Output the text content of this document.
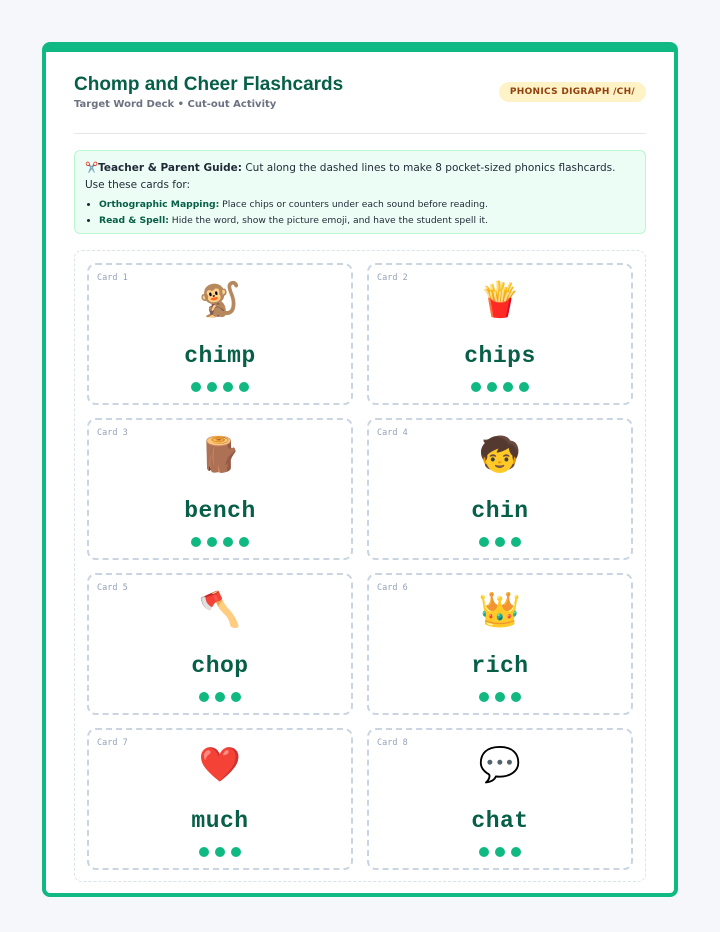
Chomp and Cheer Flashcards
Target Word Deck • Cut-out Activity
PHONICS DIGRAPH /CH/
✂️Teacher & Parent Guide: Cut along the dashed lines to make 8 pocket-sized phonics flashcards. Use these cards for:
• Orthographic Mapping: Place chips or counters under each sound before reading.
• Read & Spell: Hide the word, show the picture emoji, and have the student spell it.
Card 1
🐒
chimp
Card 2
🍟
chips
Card 3
🪵
bench
Card 4
🧒
chin
Card 5
🪓
chop
Card 6
👑
rich
Card 7
❤️
much
Card 8
💬
chat
